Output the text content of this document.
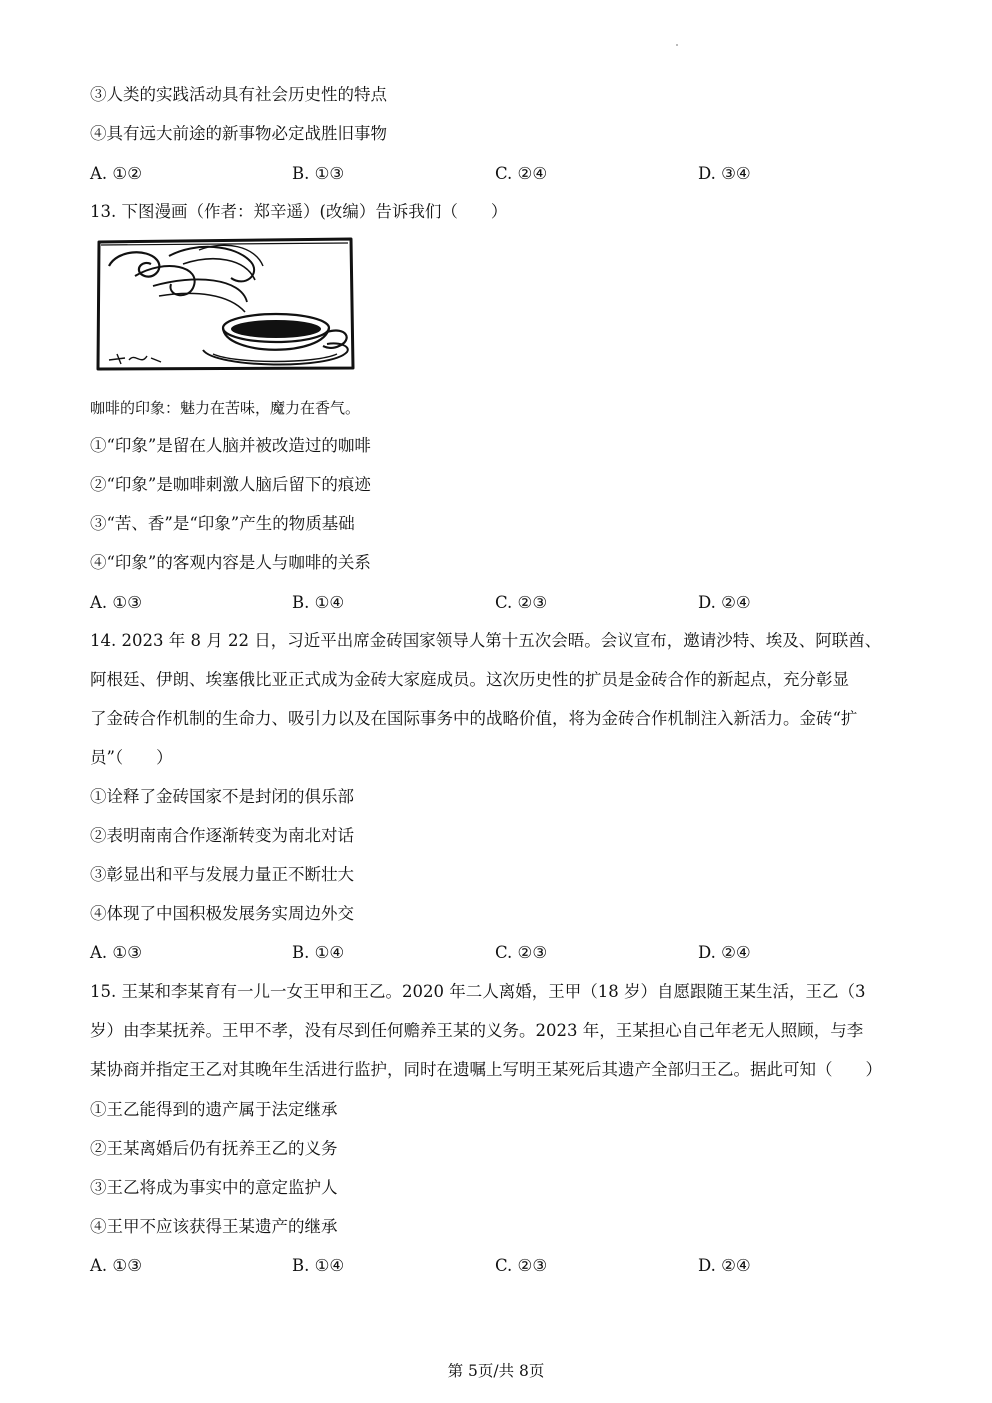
③人类的实践活动具有社会历史性的特点
④具有远大前途的新事物必定战胜旧事物
A. ①②	B. ①③	C. ②④	D. ③④
13. 下图漫画（作者：郑辛遥）(改编）告诉我们（　　）
咖啡的印象：魅力在苦味，魔力在香气。
①“印象”是留在人脑并被改造过的咖啡
②“印象”是咖啡刺激人脑后留下的痕迹
③“苦、香”是“印象”产生的物质基础
④“印象”的客观内容是人与咖啡的关系
A. ①③	B. ①④	C. ②③	D. ②④
14. 2023 年 8 月 22 日，习近平出席金砖国家领导人第十五次会晤。会议宣布，邀请沙特、埃及、阿联酋、
阿根廷、伊朗、埃塞俄比亚正式成为金砖大家庭成员。这次历史性的扩员是金砖合作的新起点，充分彰显
了金砖合作机制的生命力、吸引力以及在国际事务中的战略价值，将为金砖合作机制注入新活力。金砖“扩
员”（　　）
①诠释了金砖国家不是封闭的俱乐部
②表明南南合作逐渐转变为南北对话
③彰显出和平与发展力量正不断壮大
④体现了中国积极发展务实周边外交
A. ①③	B. ①④	C. ②③	D. ②④
15. 王某和李某育有一儿一女王甲和王乙。2020 年二人离婚，王甲（18 岁）自愿跟随王某生活，王乙（3
岁）由李某抚养。王甲不孝，没有尽到任何赡养王某的义务。2023 年，王某担心自己年老无人照顾，与李
某协商并指定王乙对其晚年生活进行监护，同时在遗嘱上写明王某死后其遗产全部归王乙。据此可知（　　）
①王乙能得到的遗产属于法定继承
②王某离婚后仍有抚养王乙的义务
③王乙将成为事实中的意定监护人
④王甲不应该获得王某遗产的继承
A. ①③	B. ①④	C. ②③	D. ②④
第 5页/共 8页
